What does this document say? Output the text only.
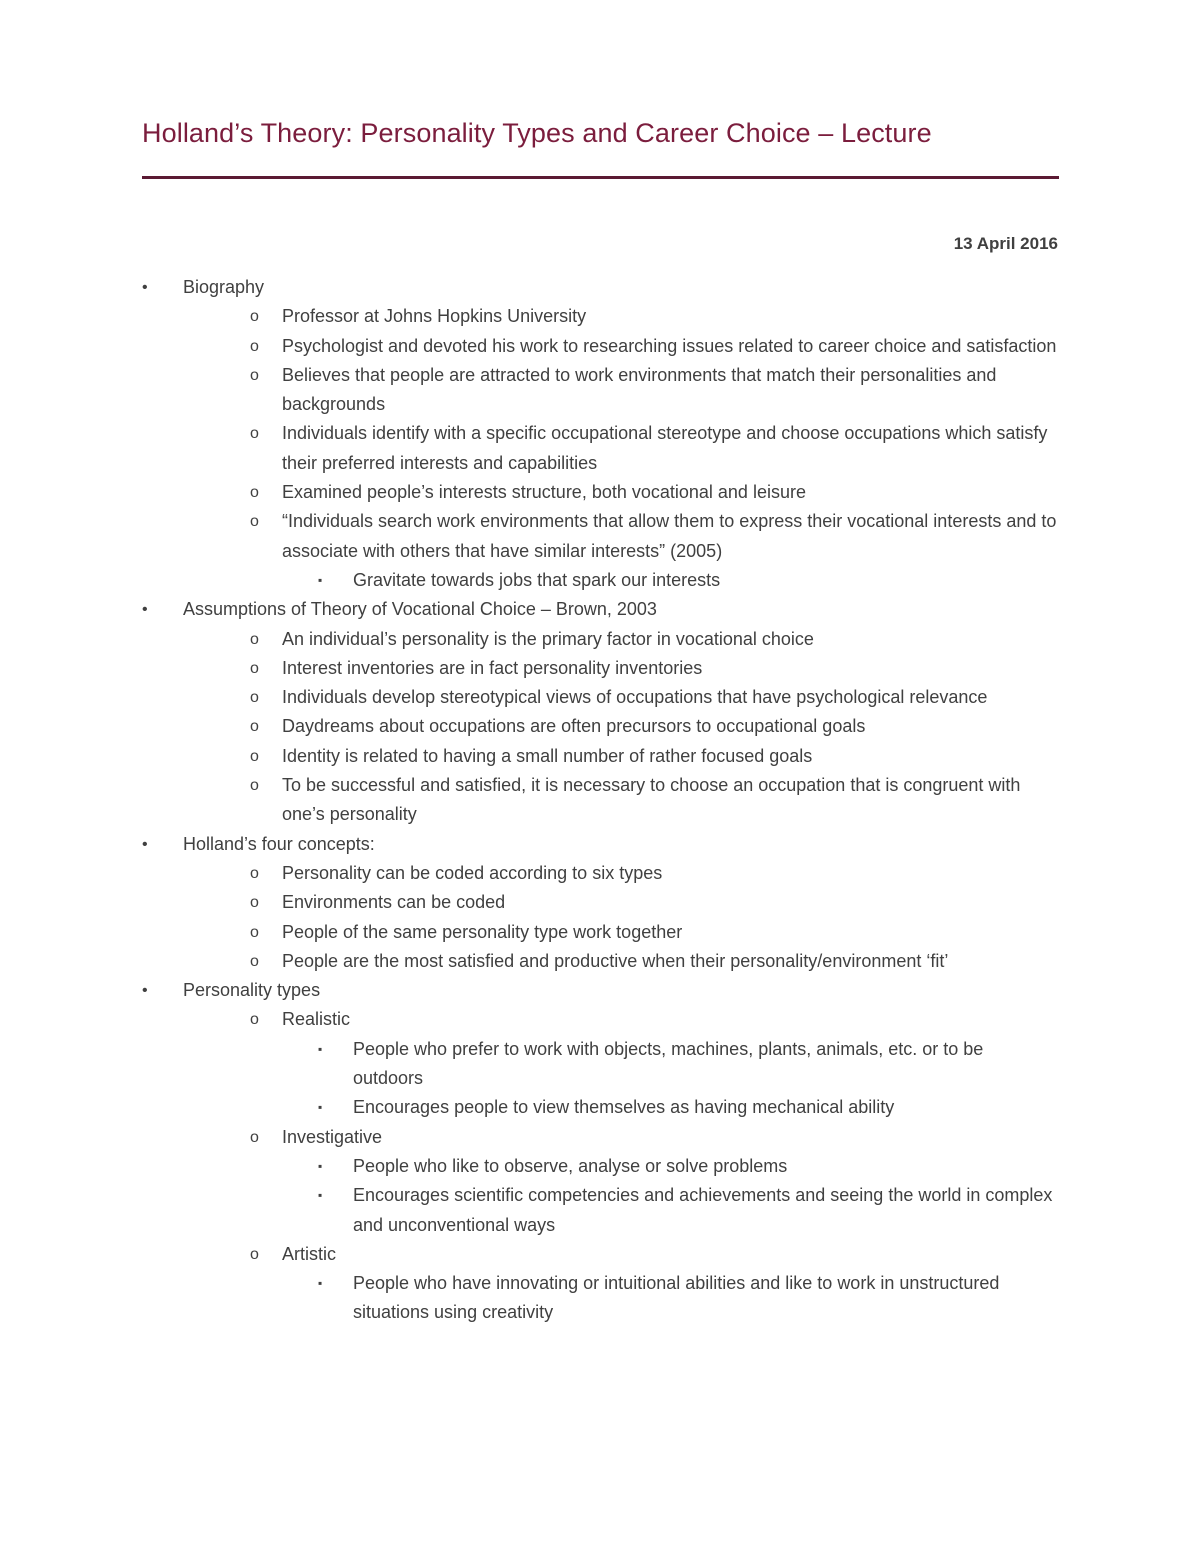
Holland’s Theory: Personality Types and Career Choice – Lecture
13 April 2016
• Biography
o Professor at Johns Hopkins University
o Psychologist and devoted his work to researching issues related to career choice and satisfaction
o Believes that people are attracted to work environments that match their personalities and backgrounds
o Individuals identify with a specific occupational stereotype and choose occupations which satisfy their preferred interests and capabilities
o Examined people’s interests structure, both vocational and leisure
o “Individuals search work environments that allow them to express their vocational interests and to associate with others that have similar interests” (2005)
▪ Gravitate towards jobs that spark our interests
• Assumptions of Theory of Vocational Choice – Brown, 2003
o An individual’s personality is the primary factor in vocational choice
o Interest inventories are in fact personality inventories
o Individuals develop stereotypical views of occupations that have psychological relevance
o Daydreams about occupations are often precursors to occupational goals
o Identity is related to having a small number of rather focused goals
o To be successful and satisfied, it is necessary to choose an occupation that is congruent with one’s personality
• Holland’s four concepts:
o Personality can be coded according to six types
o Environments can be coded
o People of the same personality type work together
o People are the most satisfied and productive when their personality/environment ‘fit’
• Personality types
o Realistic
▪ People who prefer to work with objects, machines, plants, animals, etc. or to be outdoors
▪ Encourages people to view themselves as having mechanical ability
o Investigative
▪ People who like to observe, analyse or solve problems
▪ Encourages scientific competencies and achievements and seeing the world in complex and unconventional ways
o Artistic
▪ People who have innovating or intuitional abilities and like to work in unstructured situations using creativity
